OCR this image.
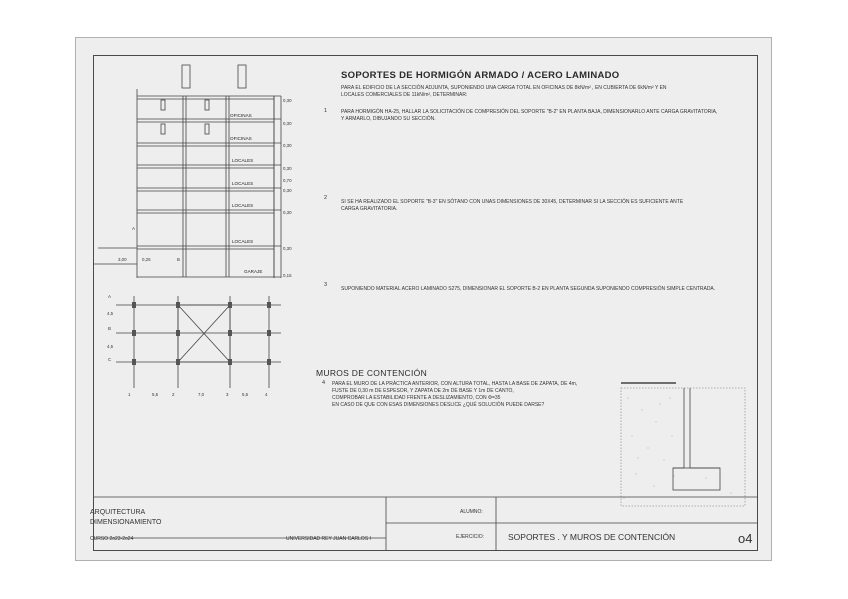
OFICINAS
OFICINAS
LOCALES
LOCALES
LOCALES
LOCALES
GARAJE
0,30
0,30
0,30
0,30
0,70
0,30
0,30
0,30
0,15
A
B
3,00	0,25
A
B
C
4,5
4,5
1	2	3	4
5,5	7,0	5,5
SOPORTES DE HORMIGÓN ARMADO / ACERO LAMINADO
PARA EL EDIFICIO DE LA SECCIÓN ADJUNTA, SUPONIENDO UNA CARGA TOTAL EN OFICINAS DE 8kN/m² , EN CUBIERTA DE 6kN/m² Y EN
LOCALES COMERCIALES DE 11kN/m², DETERMINAR:
1	PARA HORMIGÓN HA-25, HALLAR LA SOLICITACIÓN DE COMPRESIÓN DEL SOPORTE "B-2" EN PLANTA BAJA, DIMENSIONARLO ANTE CARGA GRAVITATORIA,
Y ARMARLO, DIBUJANDO SU SECCIÓN.
2
SI SE HA REALIZADO EL SOPORTE "B-3" EN SÓTANO CON UNAS DIMENSIONES DE 30X45, DETERMINAR SI LA SECCIÓN ES SUFICIENTE ANTE
CARGA GRAVITATORIA.
3
SUPONIENDO MATERIAL ACERO LAMINADO S275, DIMENSIONAR EL SOPORTE B-2 EN PLANTA SEGUNDA SUPONIENDO COMPRESIÓN SIMPLE CENTRADA.
MUROS DE CONTENCIÓN
4 PARA EL MURO DE LA PRÁCTICA ANTERIOR, CON ALTURA TOTAL, HASTA LA BASE DE ZAPATA, DE 4m,
FUSTE DE 0,30 m DE ESPESOR, Y ZAPATA DE 2m DE BASE Y 1m DE CANTO,
COMPROBAR LA ESTABILIDAD FRENTE A DESLIZAMIENTO, CON Φ=35
EN CASO DE QUE CON ESAS DIMENSIONES DESLICE ¿QUÉ SOLUCIÓN PUEDE DARSE?
ARQUITECTURA
DIMENSIONAMIENTO
CURSO 2o23-2o24	UNIVERSIDAD REY JUAN CARLOS I
ALUMNO:
EJERCICIO:	SOPORTES . Y MUROS DE CONTENCIÓN	o4
